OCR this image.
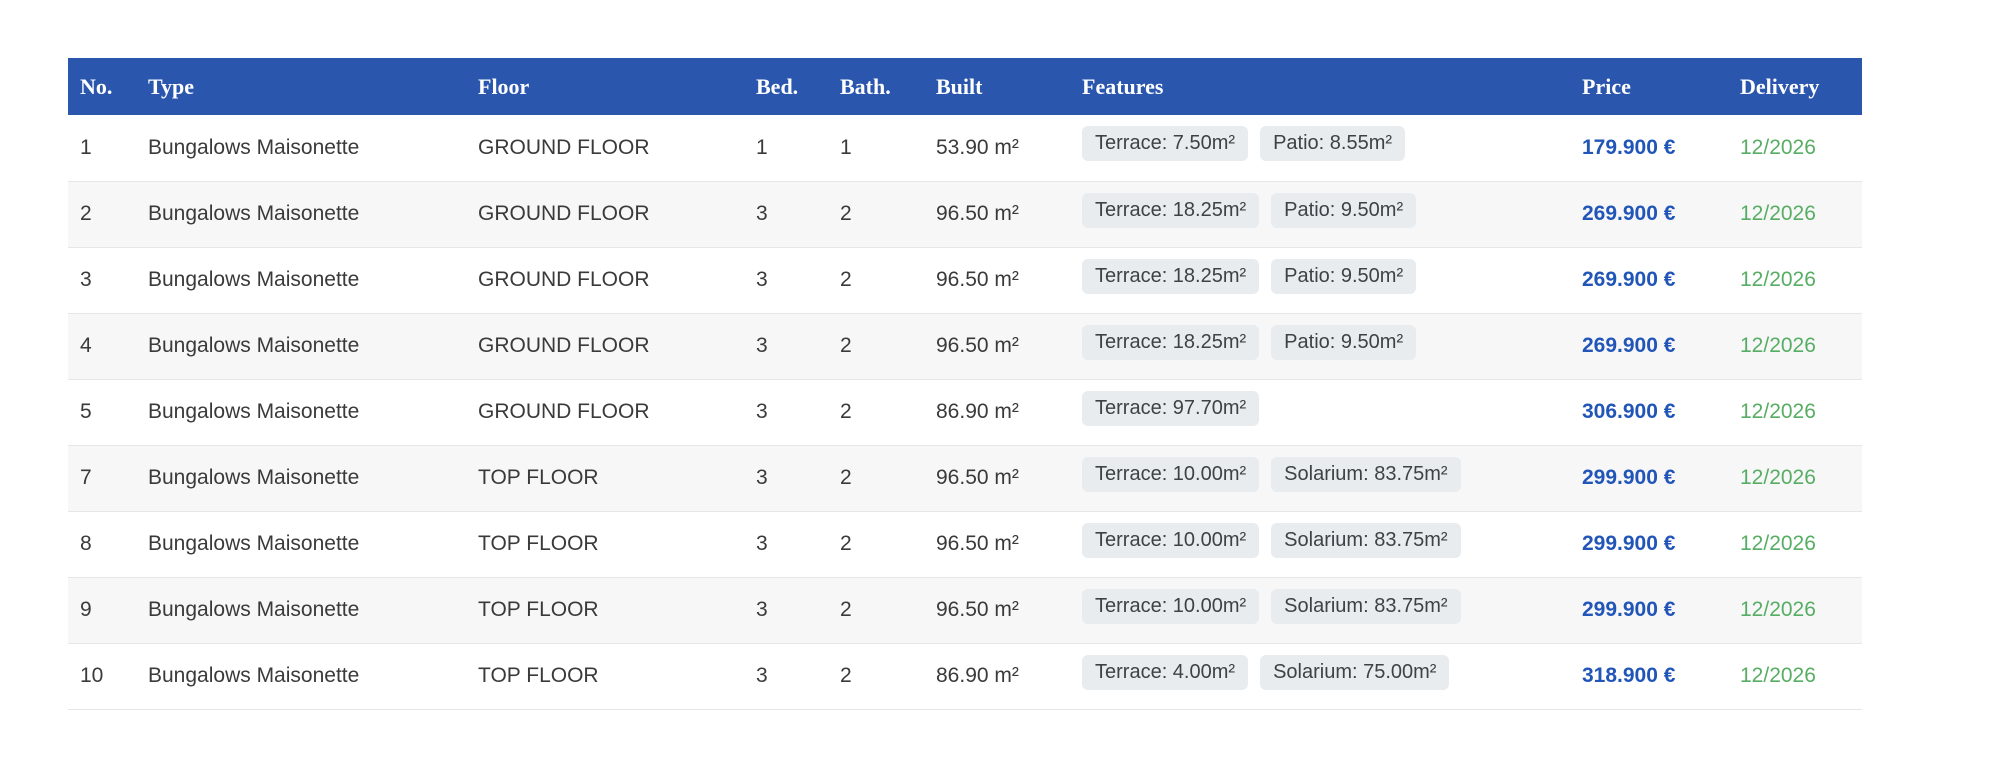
No.	Type	Floor	Bed.	Bath.	Built	Features	Price	Delivery
1	Bungalows Maisonette	GROUND FLOOR	1	1	53.90 m²	Terrace: 7.50m² Patio: 8.55m²	179.900 €	12/2026
2	Bungalows Maisonette	GROUND FLOOR	3	2	96.50 m²	Terrace: 18.25m² Patio: 9.50m²	269.900 €	12/2026
3	Bungalows Maisonette	GROUND FLOOR	3	2	96.50 m²	Terrace: 18.25m² Patio: 9.50m²	269.900 €	12/2026
4	Bungalows Maisonette	GROUND FLOOR	3	2	96.50 m²	Terrace: 18.25m² Patio: 9.50m²	269.900 €	12/2026
5	Bungalows Maisonette	GROUND FLOOR	3	2	86.90 m²	Terrace: 97.70m²	306.900 €	12/2026
7	Bungalows Maisonette	TOP FLOOR	3	2	96.50 m²	Terrace: 10.00m² Solarium: 83.75m²	299.900 €	12/2026
8	Bungalows Maisonette	TOP FLOOR	3	2	96.50 m²	Terrace: 10.00m² Solarium: 83.75m²	299.900 €	12/2026
9	Bungalows Maisonette	TOP FLOOR	3	2	96.50 m²	Terrace: 10.00m² Solarium: 83.75m²	299.900 €	12/2026
10	Bungalows Maisonette	TOP FLOOR	3	2	86.90 m²	Terrace: 4.00m² Solarium: 75.00m²	318.900 €	12/2026
